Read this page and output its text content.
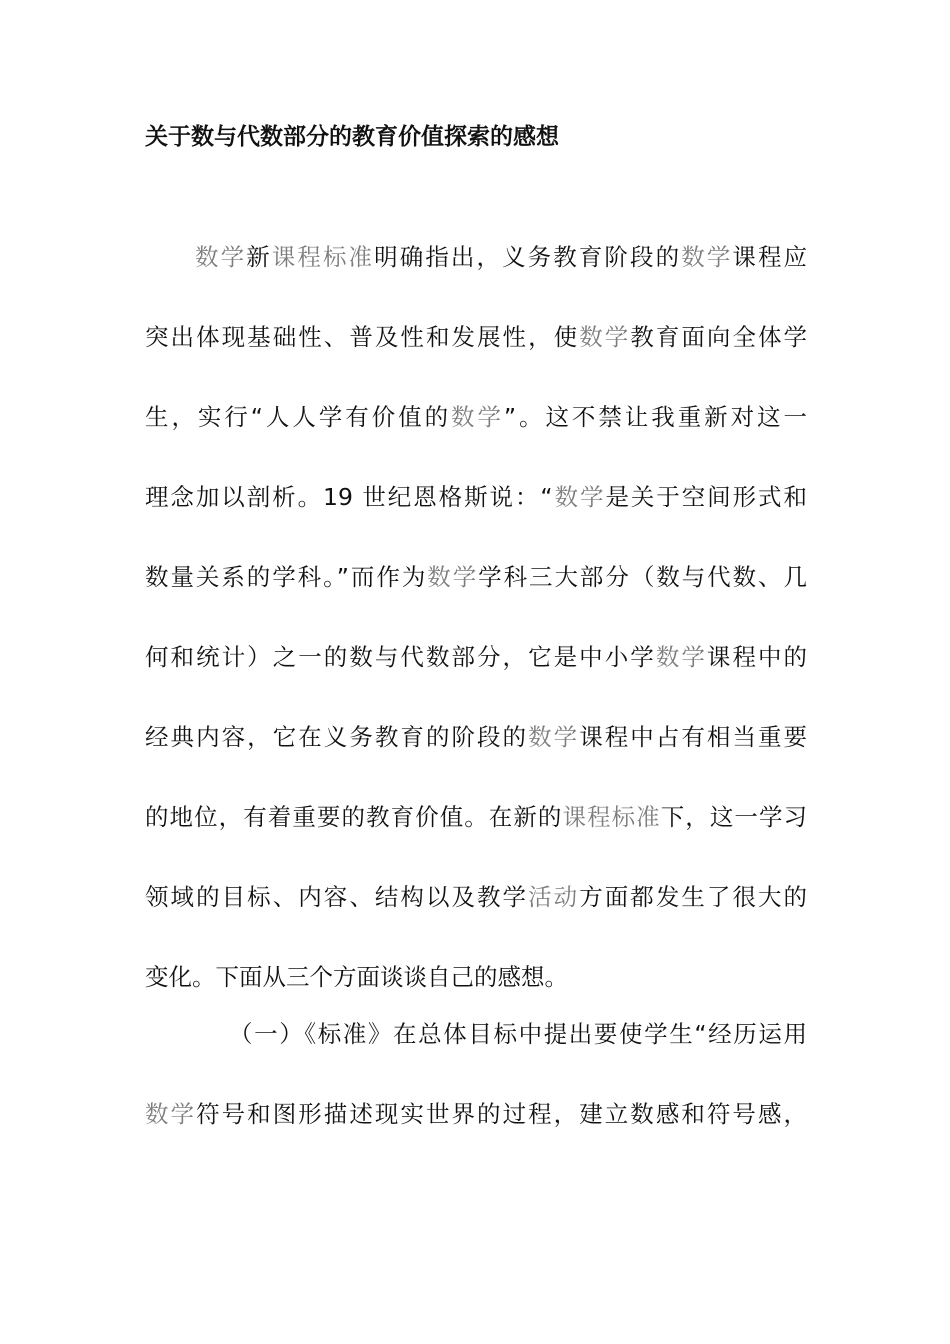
关于数与代数部分的教育价值探索的感想

数学新课程标准明确指出，义务教育阶段的数学课程应
突出体现基础性、普及性和发展性，使数学教育面向全体学
生，实行“人人学有价值的数学”。这不禁让我重新对这一
理念加以剖析。19 世纪恩格斯说：“数学是关于空间形式和
数量关系的学科。”而作为数学学科三大部分（数与代数、几
何和统计）之一的数与代数部分，它是中小学数学课程中的
经典内容，它在义务教育的阶段的数学课程中占有相当重要
的地位，有着重要的教育价值。在新的课程标准下，这一学习
领域的目标、内容、结构以及教学活动方面都发生了很大的
变化。下面从三个方面谈谈自己的感想。

（一）《标准》在总体目标中提出要使学生“经历运用
数学符号和图形描述现实世界的过程，建立数感和符号感，
